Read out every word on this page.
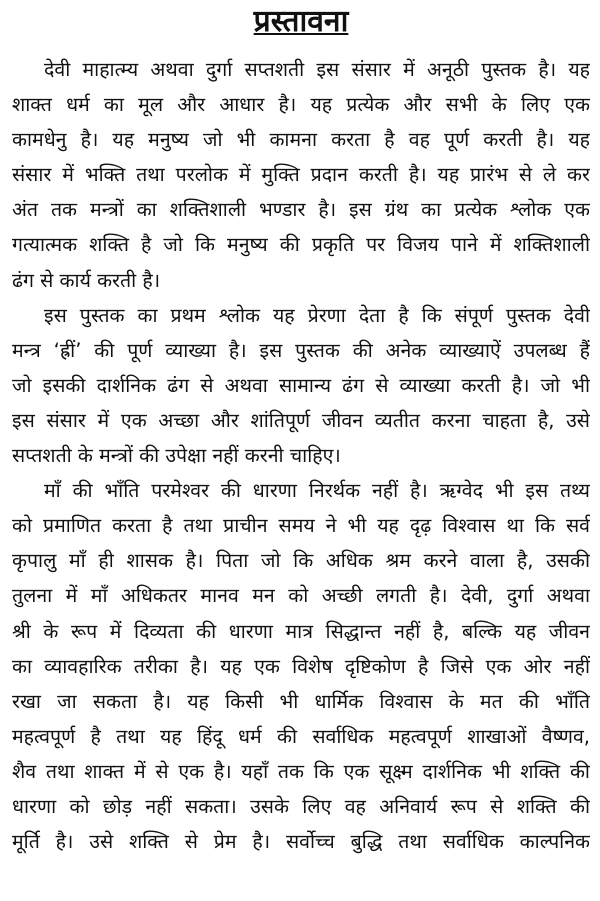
प्रस्तावना
देवी माहात्म्य अथवा दुर्गा सप्तशती इस संसार में अनूठी पुस्तक है। यह
शाक्त धर्म का मूल और आधार है। यह प्रत्येक और सभी के लिए एक
कामधेनु है। यह मनुष्य जो भी कामना करता है वह पूर्ण करती है। यह
संसार में भक्ति तथा परलोक में मुक्ति प्रदान करती है। यह प्रारंभ से ले कर
अंत तक मन्त्रों का शक्तिशाली भण्डार है। इस ग्रंथ का प्रत्येक श्लोक एक
गत्यात्मक शक्ति है जो कि मनुष्य की प्रकृति पर विजय पाने में शक्तिशाली
ढंग से कार्य करती है।
इस पुस्तक का प्रथम श्लोक यह प्रेरणा देता है कि संपूर्ण पुस्तक देवी
मन्त्र ‘ह्रीं’ की पूर्ण व्याख्या है। इस पुस्तक की अनेक व्याख्याऐं उपलब्ध हैं
जो इसकी दार्शनिक ढंग से अथवा सामान्य ढंग से व्याख्या करती है। जो भी
इस संसार में एक अच्छा और शांतिपूर्ण जीवन व्यतीत करना चाहता है, उसे
सप्तशती के मन्त्रों की उपेक्षा नहीं करनी चाहिए।
माँ की भाँति परमेश्वर की धारणा निरर्थक नहीं है। ऋग्वेद भी इस तथ्य
को प्रमाणित करता है तथा प्राचीन समय ने भी यह दृढ़ विश्वास था कि सर्व
कृपालु माँ ही शासक है। पिता जो कि अधिक श्रम करने वाला है, उसकी
तुलना में माँ अधिकतर मानव मन को अच्छी लगती है। देवी, दुर्गा अथवा
श्री के रूप में दिव्यता की धारणा मात्र सिद्धान्त नहीं है, बल्कि यह जीवन
का व्यावहारिक तरीका है। यह एक विशेष दृष्टिकोण है जिसे एक ओर नहीं
रखा जा सकता है। यह किसी भी धार्मिक विश्वास के मत की भाँति
महत्वपूर्ण है तथा यह हिंदू धर्म की सर्वाधिक महत्वपूर्ण शाखाओं वैष्णव,
शैव तथा शाक्त में से एक है। यहाँ तक कि एक सूक्ष्म दार्शनिक भी शक्ति की
धारणा को छोड़ नहीं सकता। उसके लिए वह अनिवार्य रूप से शक्ति की
मूर्ति है। उसे शक्ति से प्रेम है। सर्वोच्च बुद्धि तथा सर्वाधिक काल्पनिक
